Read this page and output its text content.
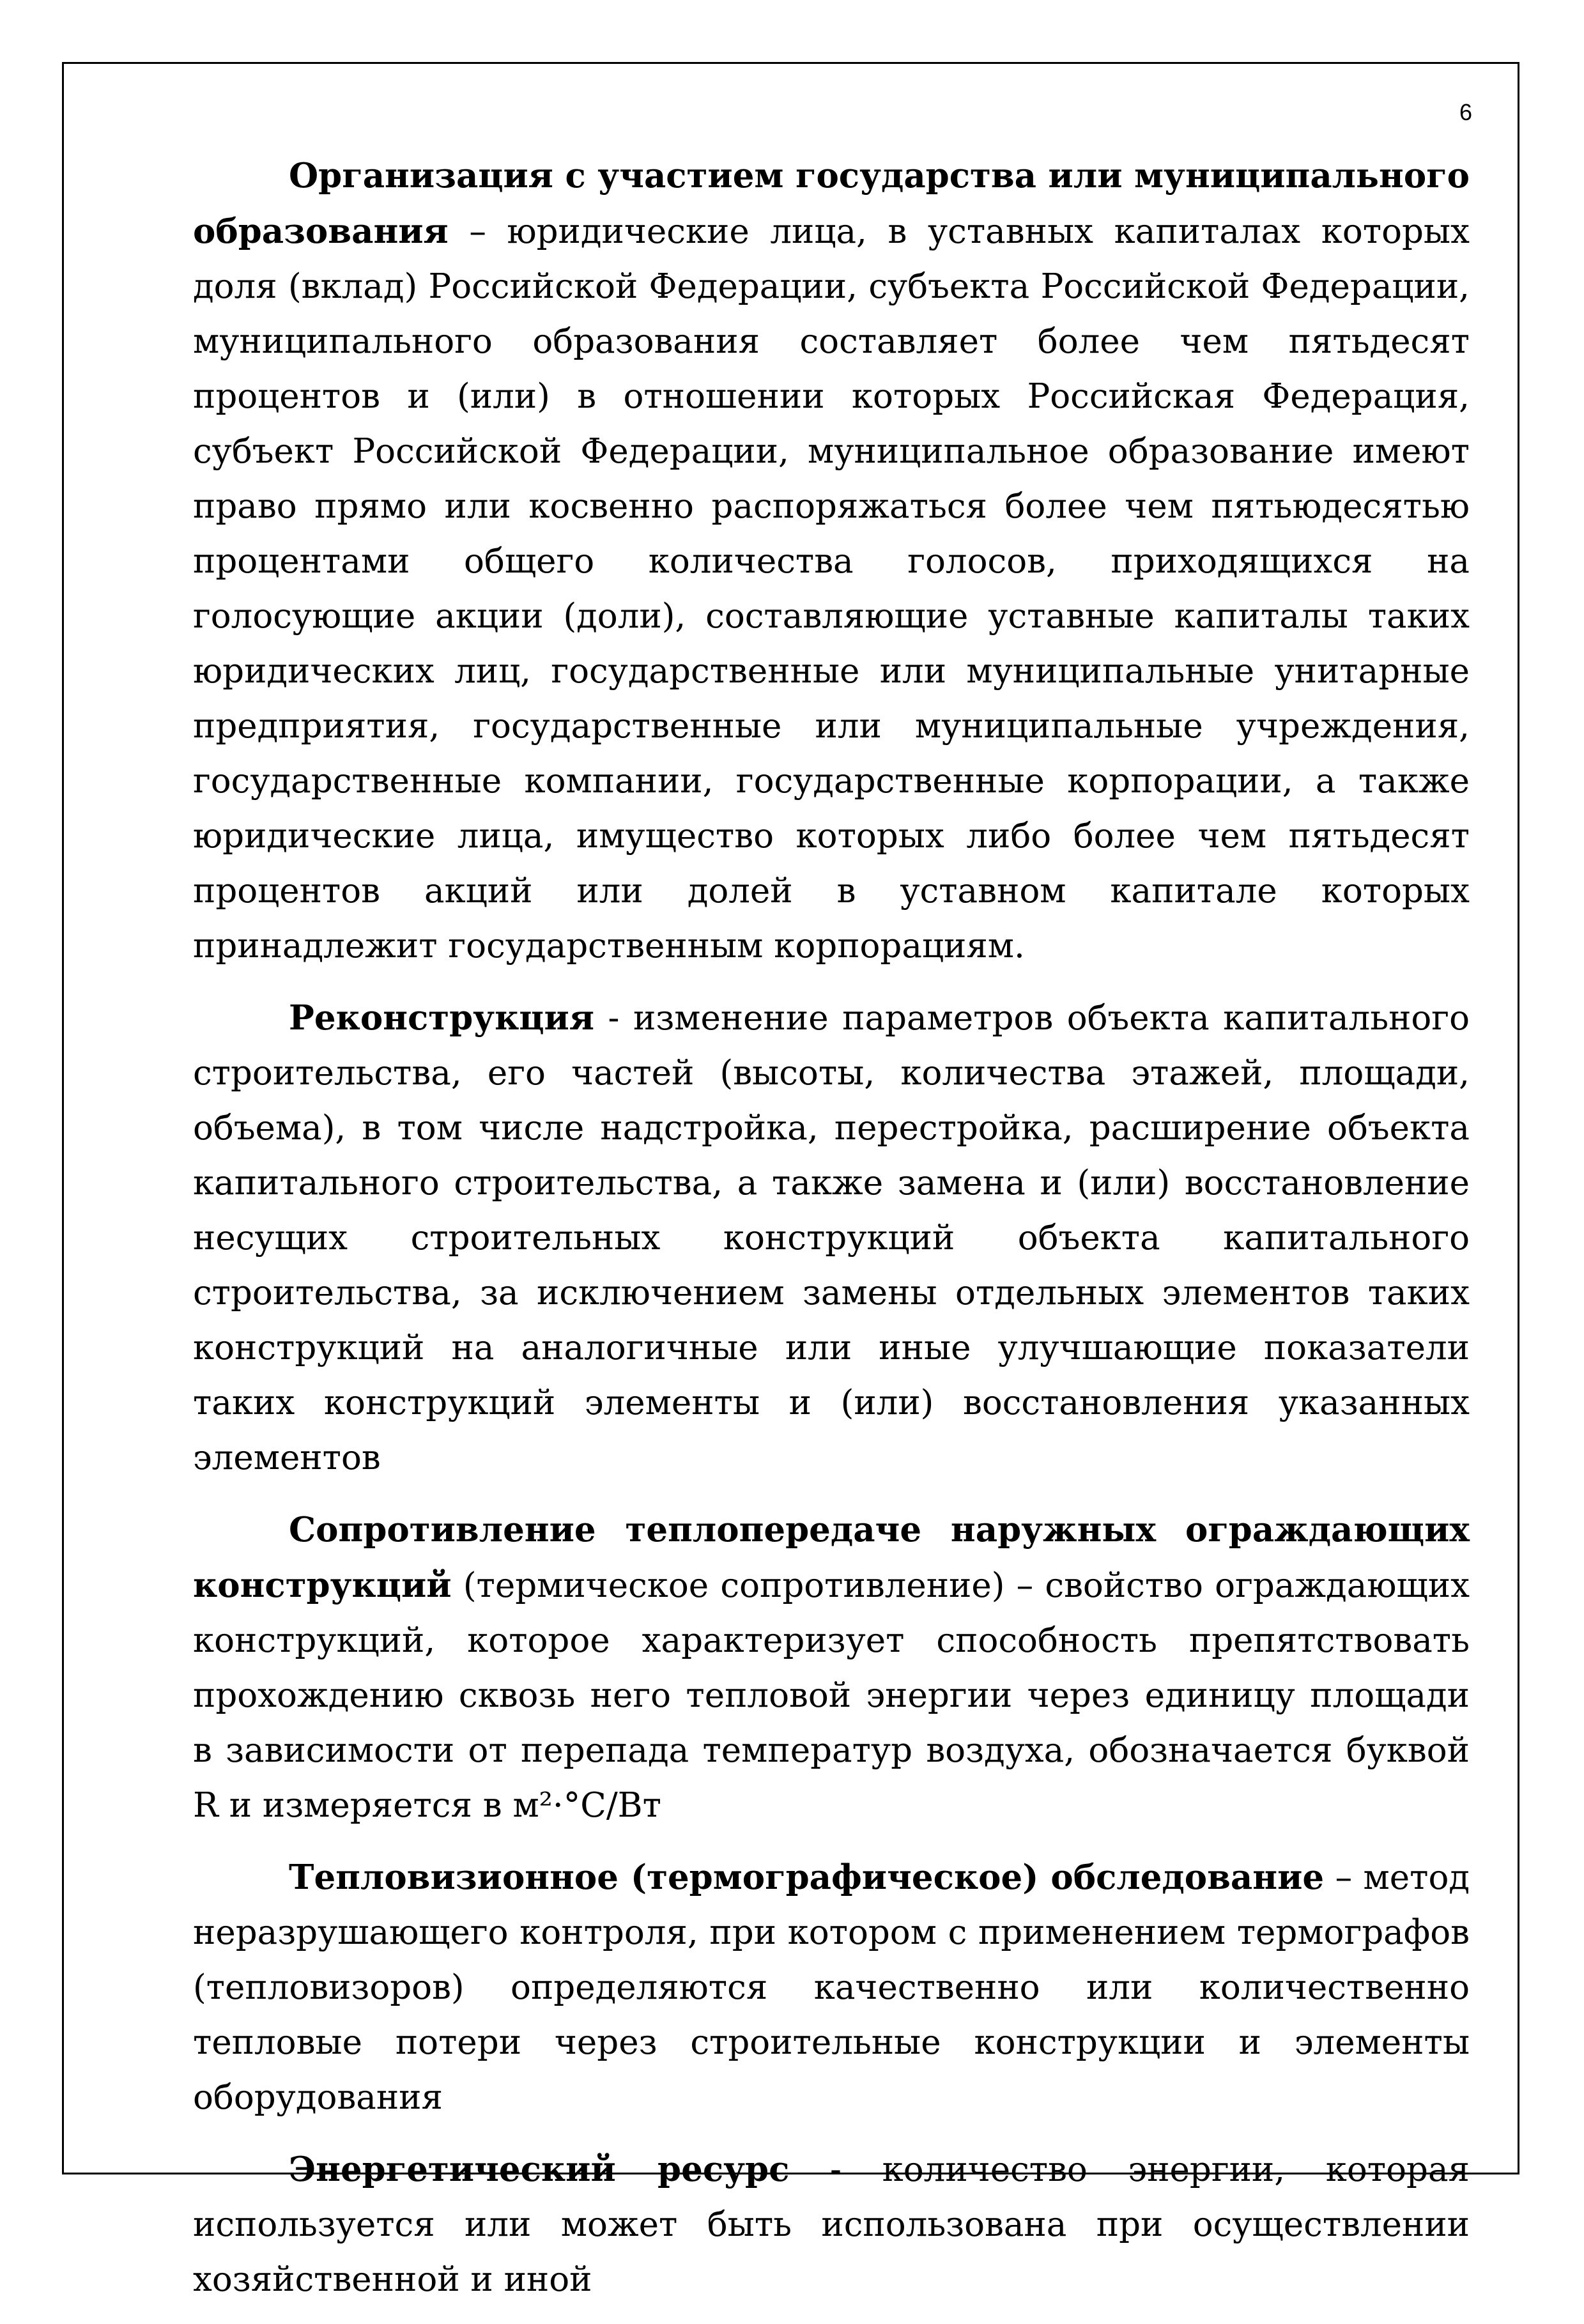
6

Организация с участием государства или муниципального образования – юридические лица, в уставных капиталах которых доля (вклад) Российской Федерации, субъекта Российской Федерации, муниципального образования составляет более чем пятьдесят процентов и (или) в отношении которых Российская Федерация, субъект Российской Федерации, муниципальное образование имеют право прямо или косвенно распоряжаться более чем пятьюдесятью процентами общего количества голосов, приходящихся на голосующие акции (доли), составляющие уставные капиталы таких юридических лиц, государственные или муниципальные унитарные предприятия, государственные или муниципальные учреждения, государственные компании, государственные корпорации, а также юридические лица, имущество которых либо более чем пятьдесят процентов акций или долей в уставном капитале которых принадлежит государственным корпорациям.

Реконструкция - изменение параметров объекта капитального строительства, его частей (высоты, количества этажей, площади, объема), в том числе надстройка, перестройка, расширение объекта капитального строительства, а также замена и (или) восстановление несущих строительных конструкций объекта капитального строительства, за исключением замены отдельных элементов таких конструкций на аналогичные или иные улучшающие показатели таких конструкций элементы и (или) восстановления указанных элементов

Сопротивление теплопередаче наружных ограждающих конструкций (термическое сопротивление) – свойство ограждающих конструкций, которое характеризует способность препятствовать прохождению сквозь него тепловой энергии через единицу площади в зависимости от перепада температур воздуха, обозначается буквой R и измеряется в м²·°С/Вт

Тепловизионное (термографическое) обследование – метод неразрушающего контроля, при котором с применением термографов (тепловизоров) определяются качественно или количественно тепловые потери через строительные конструкции и элементы оборудования

Энергетический ресурс - количество энергии, которая используется или может быть использована при осуществлении хозяйственной и иной
